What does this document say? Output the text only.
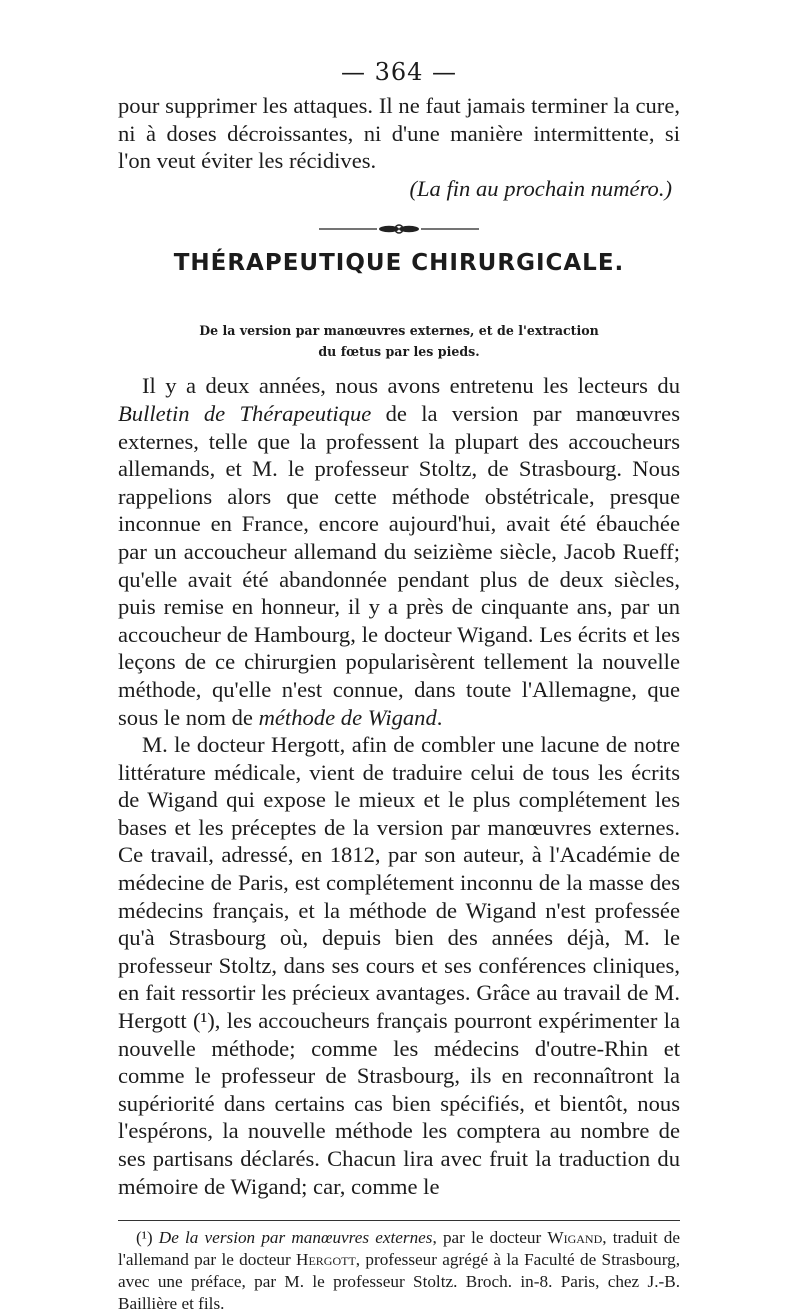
— 364 —

pour supprimer les attaques. Il ne faut jamais terminer la cure, ni à doses décroissantes, ni d'une manière intermittente, si l'on veut éviter les récidives.

(La fin au prochain numéro.)

THÉRAPEUTIQUE CHIRURGICALE.
De la version par manœuvres externes, et de l'extraction
du fœtus par les pieds.

Il y a deux années, nous avons entretenu les lecteurs du Bulletin de Thérapeutique de la version par manœuvres externes, telle que la professent la plupart des accoucheurs allemands, et M. le professeur Stoltz, de Strasbourg. Nous rappelions alors que cette méthode obstétricale, presque inconnue en France, encore aujourd'hui, avait été ébauchée par un accoucheur allemand du seizième siècle, Jacob Rueff; qu'elle avait été abandonnée pendant plus de deux siècles, puis remise en honneur, il y a près de cinquante ans, par un accoucheur de Hambourg, le docteur Wigand. Les écrits et les leçons de ce chirurgien popularisèrent tellement la nouvelle méthode, qu'elle n'est connue, dans toute l'Allemagne, que sous le nom de méthode de Wigand.

M. le docteur Hergott, afin de combler une lacune de notre littérature médicale, vient de traduire celui de tous les écrits de Wigand qui expose le mieux et le plus complétement les bases et les préceptes de la version par manœuvres externes. Ce travail, adressé, en 1812, par son auteur, à l'Académie de médecine de Paris, est complétement inconnu de la masse des médecins français, et la méthode de Wigand n'est professée qu'à Strasbourg où, depuis bien des années déjà, M. le professeur Stoltz, dans ses cours et ses conférences cliniques, en fait ressortir les précieux avantages. Grâce au travail de M. Hergott (¹), les accoucheurs français pourront expérimenter la nouvelle méthode; comme les médecins d'outre-Rhin et comme le professeur de Strasbourg, ils en reconnaîtront la supériorité dans certains cas bien spécifiés, et bientôt, nous l'espérons, la nouvelle méthode les comptera au nombre de ses partisans déclarés. Chacun lira avec fruit la traduction du mémoire de Wigand; car, comme le

(¹) De la version par manœuvres externes, par le docteur Wigand, traduit de l'allemand par le docteur Hergott, professeur agrégé à la Faculté de Strasbourg, avec une préface, par M. le professeur Stoltz. Broch. in-8. Paris, chez J.-B. Baillière et fils.
